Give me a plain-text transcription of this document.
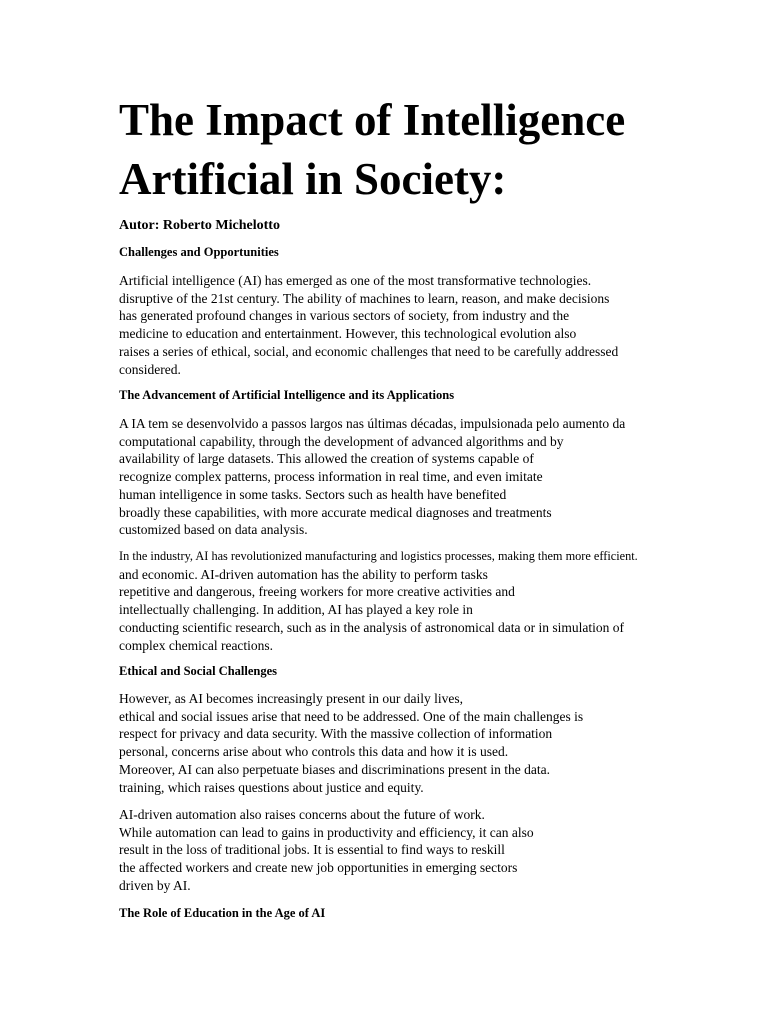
The Impact of Intelligence
Artificial in Society:

Autor: Roberto Michelotto

Challenges and Opportunities

Artificial intelligence (AI) has emerged as one of the most transformative technologies.
disruptive of the 21st century. The ability of machines to learn, reason, and make decisions
has generated profound changes in various sectors of society, from industry and the
medicine to education and entertainment. However, this technological evolution also
raises a series of ethical, social, and economic challenges that need to be carefully addressed
considered.

The Advancement of Artificial Intelligence and its Applications

A IA tem se desenvolvido a passos largos nas últimas décadas, impulsionada pelo aumento da
computational capability, through the development of advanced algorithms and by
availability of large datasets. This allowed the creation of systems capable of
recognize complex patterns, process information in real time, and even imitate
human intelligence in some tasks. Sectors such as health have benefited
broadly these capabilities, with more accurate medical diagnoses and treatments
customized based on data analysis.
In the industry, AI has revolutionized manufacturing and logistics processes, making them more efficient.
and economic. AI-driven automation has the ability to perform tasks
repetitive and dangerous, freeing workers for more creative activities and
intellectually challenging. In addition, AI has played a key role in
conducting scientific research, such as in the analysis of astronomical data or in simulation of
complex chemical reactions.

Ethical and Social Challenges

However, as AI becomes increasingly present in our daily lives,
ethical and social issues arise that need to be addressed. One of the main challenges is
respect for privacy and data security. With the massive collection of information
personal, concerns arise about who controls this data and how it is used.
Moreover, AI can also perpetuate biases and discriminations present in the data.
training, which raises questions about justice and equity.
AI-driven automation also raises concerns about the future of work.
While automation can lead to gains in productivity and efficiency, it can also
result in the loss of traditional jobs. It is essential to find ways to reskill
the affected workers and create new job opportunities in emerging sectors
driven by AI.

The Role of Education in the Age of AI
